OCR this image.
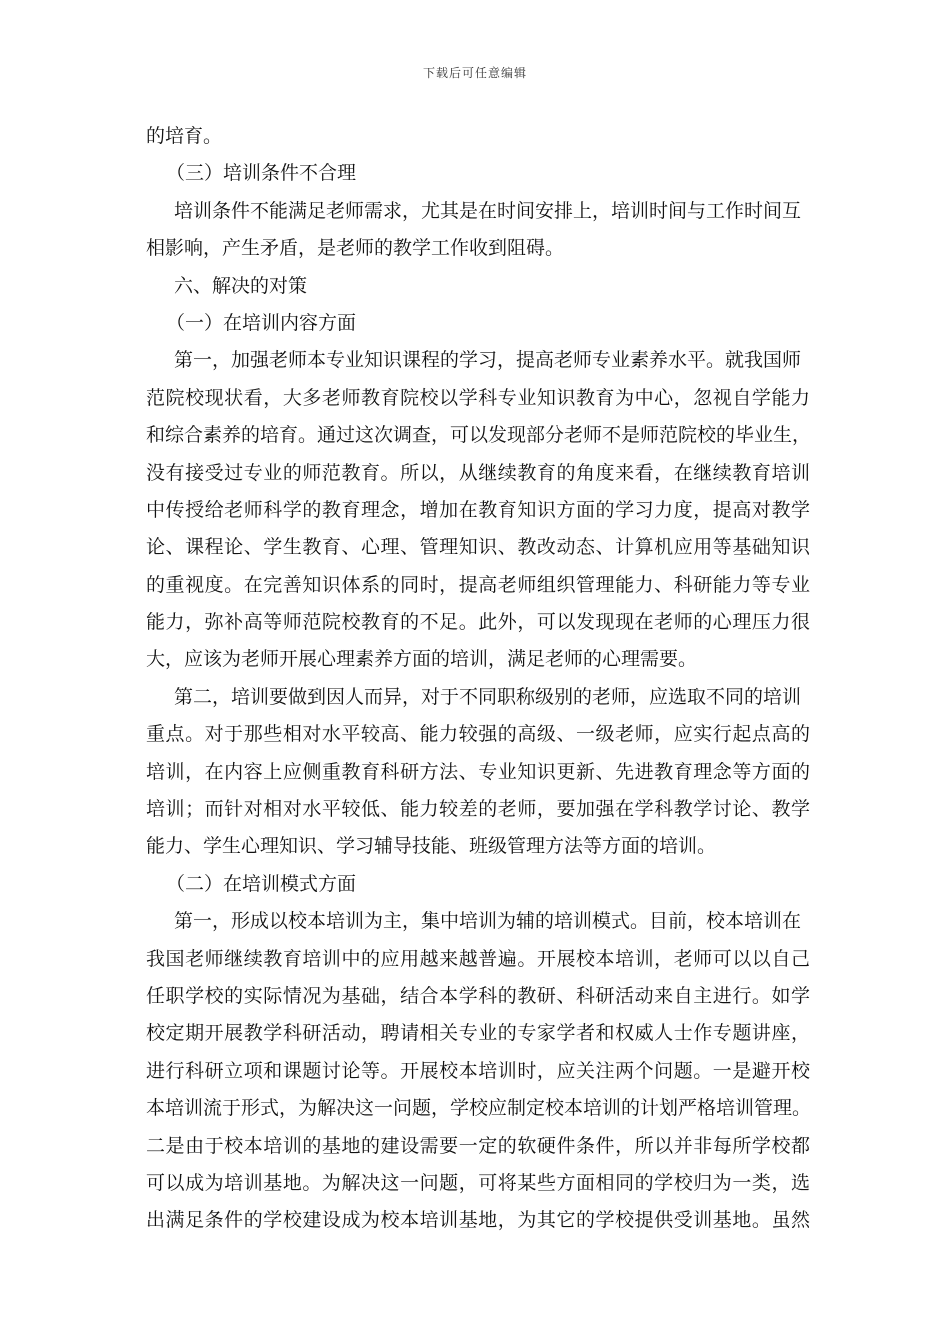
下载后可任意编辑
的培育。
（三）培训条件不合理
培训条件不能满足老师需求，尤其是在时间安排上，培训时间与工作时间互
相影响，产生矛盾，是老师的教学工作收到阻碍。
六、解决的对策
（一）在培训内容方面
第一，加强老师本专业知识课程的学习，提高老师专业素养水平。就我国师
范院校现状看，大多老师教育院校以学科专业知识教育为中心，忽视自学能力
和综合素养的培育。通过这次调查，可以发现部分老师不是师范院校的毕业生，
没有接受过专业的师范教育。所以，从继续教育的角度来看，在继续教育培训
中传授给老师科学的教育理念，增加在教育知识方面的学习力度，提高对教学
论、课程论、学生教育、心理、管理知识、教改动态、计算机应用等基础知识
的重视度。在完善知识体系的同时，提高老师组织管理能力、科研能力等专业
能力，弥补高等师范院校教育的不足。此外，可以发现现在老师的心理压力很
大，应该为老师开展心理素养方面的培训，满足老师的心理需要。
第二，培训要做到因人而异，对于不同职称级别的老师，应选取不同的培训
重点。对于那些相对水平较高、能力较强的高级、一级老师，应实行起点高的
培训，在内容上应侧重教育科研方法、专业知识更新、先进教育理念等方面的
培训；而针对相对水平较低、能力较差的老师，要加强在学科教学讨论、教学
能力、学生心理知识、学习辅导技能、班级管理方法等方面的培训。
（二）在培训模式方面
第一，形成以校本培训为主，集中培训为辅的培训模式。目前，校本培训在
我国老师继续教育培训中的应用越来越普遍。开展校本培训，老师可以以自己
任职学校的实际情况为基础，结合本学科的教研、科研活动来自主进行。如学
校定期开展教学科研活动，聘请相关专业的专家学者和权威人士作专题讲座，
进行科研立项和课题讨论等。开展校本培训时，应关注两个问题。一是避开校
本培训流于形式，为解决这一问题，学校应制定校本培训的计划严格培训管理。
二是由于校本培训的基地的建设需要一定的软硬件条件，所以并非每所学校都
可以成为培训基地。为解决这一问题，可将某些方面相同的学校归为一类，选
出满足条件的学校建设成为校本培训基地，为其它的学校提供受训基地。虽然
